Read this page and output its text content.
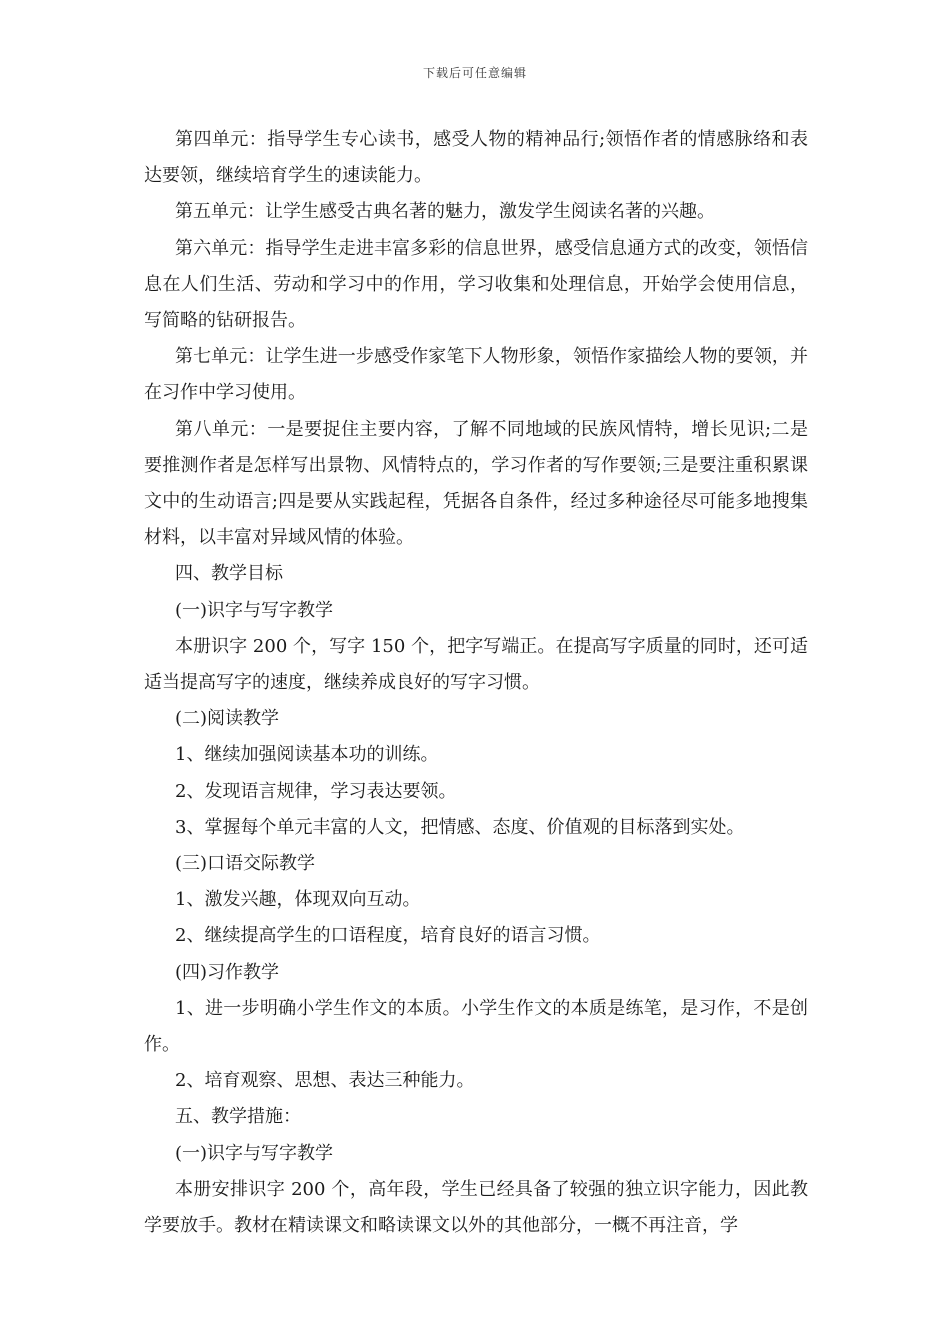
下载后可任意编辑

第四单元：指导学生专心读书，感受人物的精神品行;领悟作者的情感脉络和表达要领，继续培育学生的速读能力。

第五单元：让学生感受古典名著的魅力，激发学生阅读名著的兴趣。

第六单元：指导学生走进丰富多彩的信息世界，感受信息通方式的改变，领悟信息在人们生活、劳动和学习中的作用，学习收集和处理信息，开始学会使用信息，写简略的钻研报告。

第七单元：让学生进一步感受作家笔下人物形象，领悟作家描绘人物的要领，并在习作中学习使用。

第八单元：一是要捉住主要内容，了解不同地域的民族风情特，增长见识;二是要推测作者是怎样写出景物、风情特点的，学习作者的写作要领;三是要注重积累课文中的生动语言;四是要从实践起程，凭据各自条件，经过多种途径尽可能多地搜集材料，以丰富对异域风情的体验。

四、教学目标

(一)识字与写字教学

本册识字 200 个，写字 150 个，把字写端正。在提高写字质量的同时，还可适适当提高写字的速度，继续养成良好的写字习惯。

(二)阅读教学

1、继续加强阅读基本功的训练。

2、发现语言规律，学习表达要领。

3、掌握每个单元丰富的人文，把情感、态度、价值观的目标落到实处。

(三)口语交际教学

1、激发兴趣，体现双向互动。

2、继续提高学生的口语程度，培育良好的语言习惯。

(四)习作教学

1、进一步明确小学生作文的本质。小学生作文的本质是练笔，是习作，不是创作。

2、培育观察、思想、表达三种能力。

五、教学措施：

(一)识字与写字教学

本册安排识字 200 个，高年段，学生已经具备了较强的独立识字能力，因此教学要放手。教材在精读课文和略读课文以外的其他部分，一概不再注音，学
